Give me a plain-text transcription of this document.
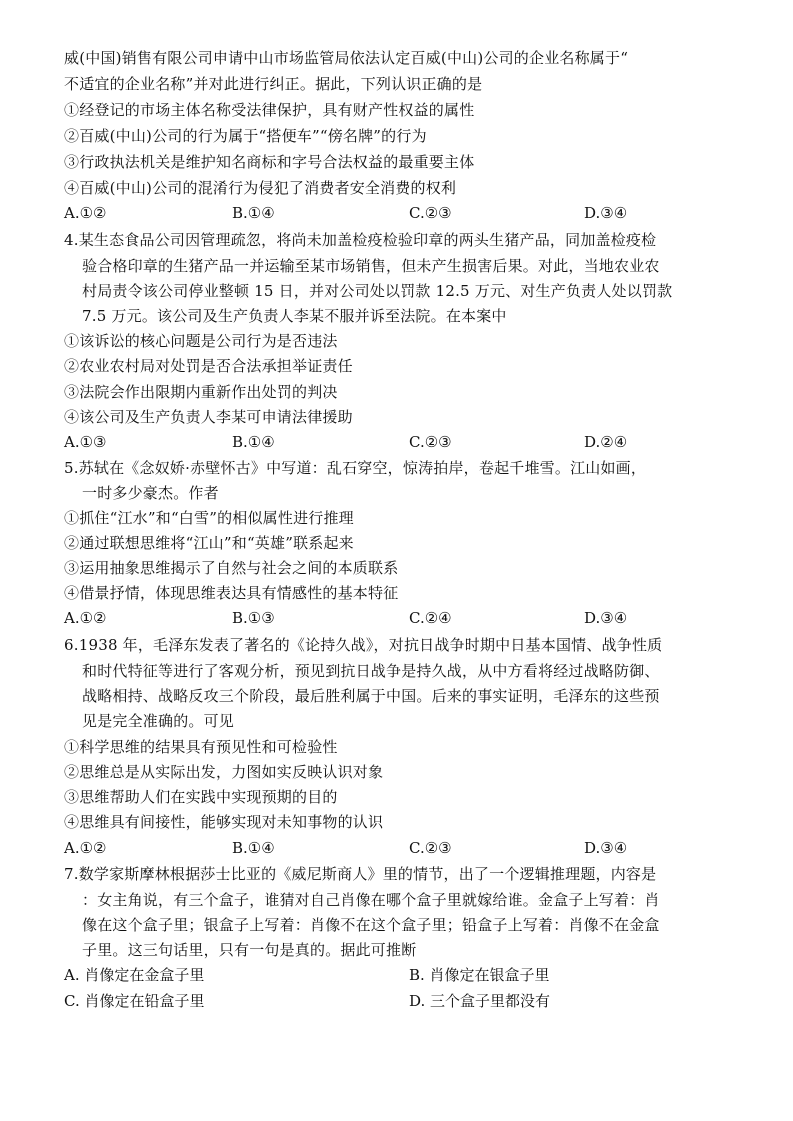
威(中国)销售有限公司申请中山市场监管局依法认定百威(中山)公司的企业名称属于“
不适宜的企业名称”并对此进行纠正。据此，下列认识正确的是
①经登记的市场主体名称受法律保护，具有财产性权益的属性
②百威(中山)公司的行为属于“搭便车”“傍名牌”的行为
③行政执法机关是维护知名商标和字号合法权益的最重要主体
④百威(中山)公司的混淆行为侵犯了消费者安全消费的权利
A.①②	B.①④	C.②③	D.③④
4.某生态食品公司因管理疏忽，将尚未加盖检疫检验印章的两头生猪产品，同加盖检疫检
验合格印章的生猪产品一并运输至某市场销售，但未产生损害后果。对此，当地农业农
村局责令该公司停业整顿 15 日，并对公司处以罚款 12.5 万元、对生产负责人处以罚款
7.5 万元。该公司及生产负责人李某不服并诉至法院。在本案中
①该诉讼的核心问题是公司行为是否违法
②农业农村局对处罚是否合法承担举证责任
③法院会作出限期内重新作出处罚的判决
④该公司及生产负责人李某可申请法律援助
A.①③	B.①④	C.②③	D.②④
5.苏轼在《念奴娇·赤壁怀古》中写道：乱石穿空，惊涛拍岸，卷起千堆雪。江山如画，
一时多少豪杰。作者
①抓住“江水”和“白雪”的相似属性进行推理
②通过联想思维将“江山”和“英雄”联系起来
③运用抽象思维揭示了自然与社会之间的本质联系
④借景抒情，体现思维表达具有情感性的基本特征
A.①②	B.①③	C.②④	D.③④
6.1938 年，毛泽东发表了著名的《论持久战》，对抗日战争时期中日基本国情、战争性质
和时代特征等进行了客观分析，预见到抗日战争是持久战，从中方看将经过战略防御、
战略相持、战略反攻三个阶段，最后胜利属于中国。后来的事实证明，毛泽东的这些预
见是完全准确的。可见
①科学思维的结果具有预见性和可检验性
②思维总是从实际出发，力图如实反映认识对象
③思维帮助人们在实践中实现预期的目的
④思维具有间接性，能够实现对未知事物的认识
A.①②	B.①④	C.②③	D.③④
7.数学家斯摩林根据莎士比亚的《威尼斯商人》里的情节，出了一个逻辑推理题，内容是
：女主角说，有三个盒子，谁猜对自己肖像在哪个盒子里就嫁给谁。金盒子上写着：肖
像在这个盒子里；银盒子上写着：肖像不在这个盒子里；铅盒子上写着：肖像不在金盒
子里。这三句话里，只有一句是真的。据此可推断
A. 肖像定在金盒子里	B. 肖像定在银盒子里
C. 肖像定在铅盒子里	D. 三个盒子里都没有
